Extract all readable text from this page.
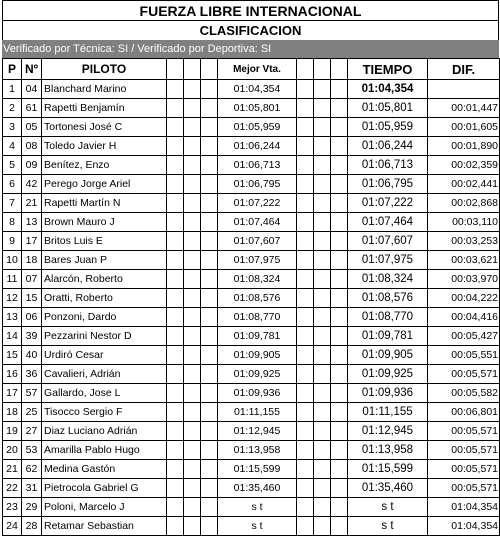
FUERZA LIBRE INTERNACIONAL
CLASIFICACION
Verificado por Técnica: SI / Verificado por Deportiva: SI
P	Nº	PILOTO				Mejor Vta.				TIEMPO	DIF.
1	04	Blanchard Marino				01:04,354				01:04,354	
2	61	Rapetti Benjamín				01:05,801				01:05,801	00:01,447
3	05	Tortonesi José C				01:05,959				01:05,959	00:01,605
4	08	Toledo Javier H				01:06,244				01:06,244	00:01,890
5	09	Benítez, Enzo				01:06,713				01:06,713	00:02,359
6	42	Perego Jorge Ariel				01:06,795				01:06,795	00:02,441
7	21	Rapetti Martín N				01:07,222				01:07,222	00:02,868
8	13	Brown Mauro J				01:07,464				01:07,464	00:03,110
9	17	Britos Luis E				01:07,607				01:07,607	00:03,253
10	18	Bares Juan P				01:07,975				01:07,975	00:03,621
11	07	Alarcón, Roberto				01:08,324				01:08,324	00:03,970
12	15	Oratti, Roberto				01:08,576				01:08,576	00:04,222
13	06	Ponzoni, Dardo				01:08,770				01:08,770	00:04,416
14	39	Pezzarini Nestor D				01:09,781				01:09,781	00:05,427
15	40	Urdiró Cesar				01:09,905				01:09,905	00:05,551
16	36	Cavalieri, Adrián				01:09,925				01:09,925	00:05,571
17	57	Gallardo, Jose L				01:09,936				01:09,936	00:05,582
18	25	Tisocco Sergio F				01:11,155				01:11,155	00:06,801
19	27	Diaz Luciano Adrián				01:12,945				01:12,945	00:05,571
20	53	Amarilla Pablo Hugo				01:13,958				01:13,958	00:05,571
21	62	Medina Gastón				01:15,599				01:15,599	00:05,571
22	31	Pietrocola Gabriel G				01:35,460				01:35,460	00:05,571
23	29	Poloni, Marcelo J				s t				s t	01:04,354
24	28	Retamar Sebastian				s t				s t	01:04,354
